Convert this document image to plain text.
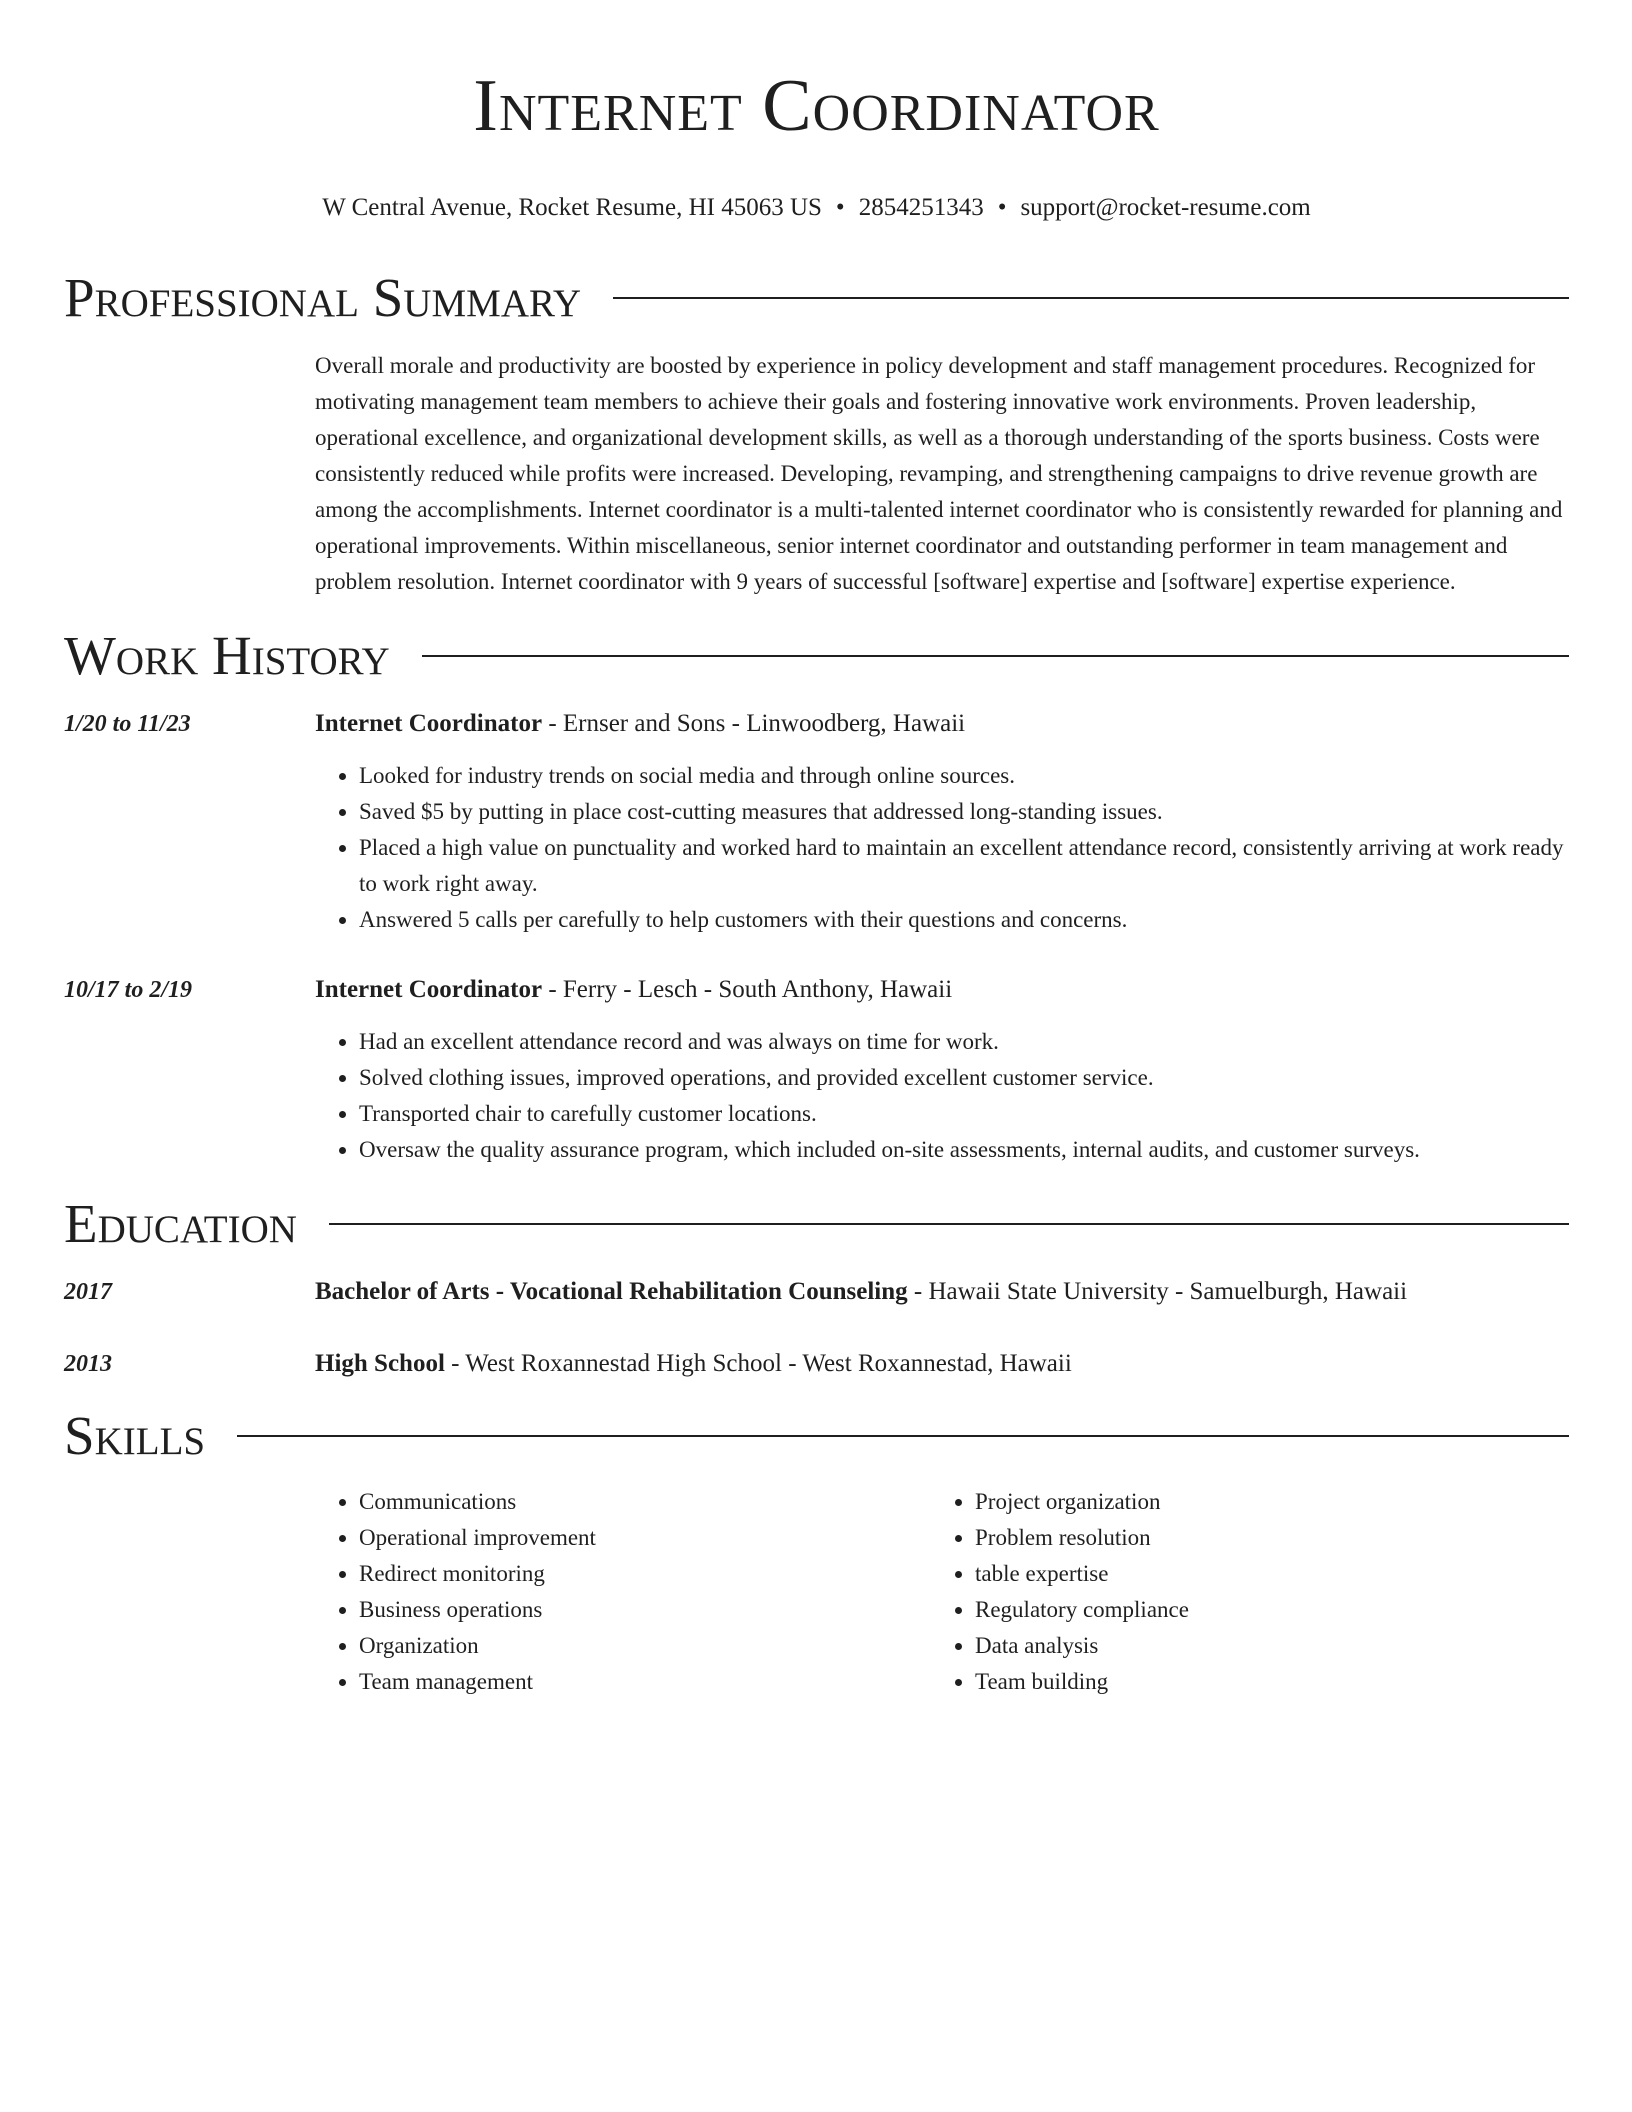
Internet Coordinator
W Central Avenue, Rocket Resume, HI 45063 US • 2854251343 • support@rocket-resume.com
Professional Summary
Overall morale and productivity are boosted by experience in policy development and staff management procedures. Recognized for motivating management team members to achieve their goals and fostering innovative work environments. Proven leadership, operational excellence, and organizational development skills, as well as a thorough understanding of the sports business. Costs were consistently reduced while profits were increased. Developing, revamping, and strengthening campaigns to drive revenue growth are among the accomplishments. Internet coordinator is a multi-talented internet coordinator who is consistently rewarded for planning and operational improvements. Within miscellaneous, senior internet coordinator and outstanding performer in team management and problem resolution. Internet coordinator with 9 years of successful [software] expertise and [software] expertise experience.
Work History
1/20 to 11/23	Internet Coordinator - Ernser and Sons - Linwoodberg, Hawaii
• Looked for industry trends on social media and through online sources.
• Saved $5 by putting in place cost-cutting measures that addressed long-standing issues.
• Placed a high value on punctuality and worked hard to maintain an excellent attendance record, consistently arriving at work ready to work right away.
• Answered 5 calls per carefully to help customers with their questions and concerns.
10/17 to 2/19	Internet Coordinator - Ferry - Lesch - South Anthony, Hawaii
• Had an excellent attendance record and was always on time for work.
• Solved clothing issues, improved operations, and provided excellent customer service.
• Transported chair to carefully customer locations.
• Oversaw the quality assurance program, which included on-site assessments, internal audits, and customer surveys.
Education
2017	Bachelor of Arts - Vocational Rehabilitation Counseling - Hawaii State University - Samuelburgh, Hawaii
2013	High School - West Roxannestad High School - West Roxannestad, Hawaii
Skills
• Communications
• Operational improvement
• Redirect monitoring
• Business operations
• Organization
• Team management
• Project organization
• Problem resolution
• table expertise
• Regulatory compliance
• Data analysis
• Team building
